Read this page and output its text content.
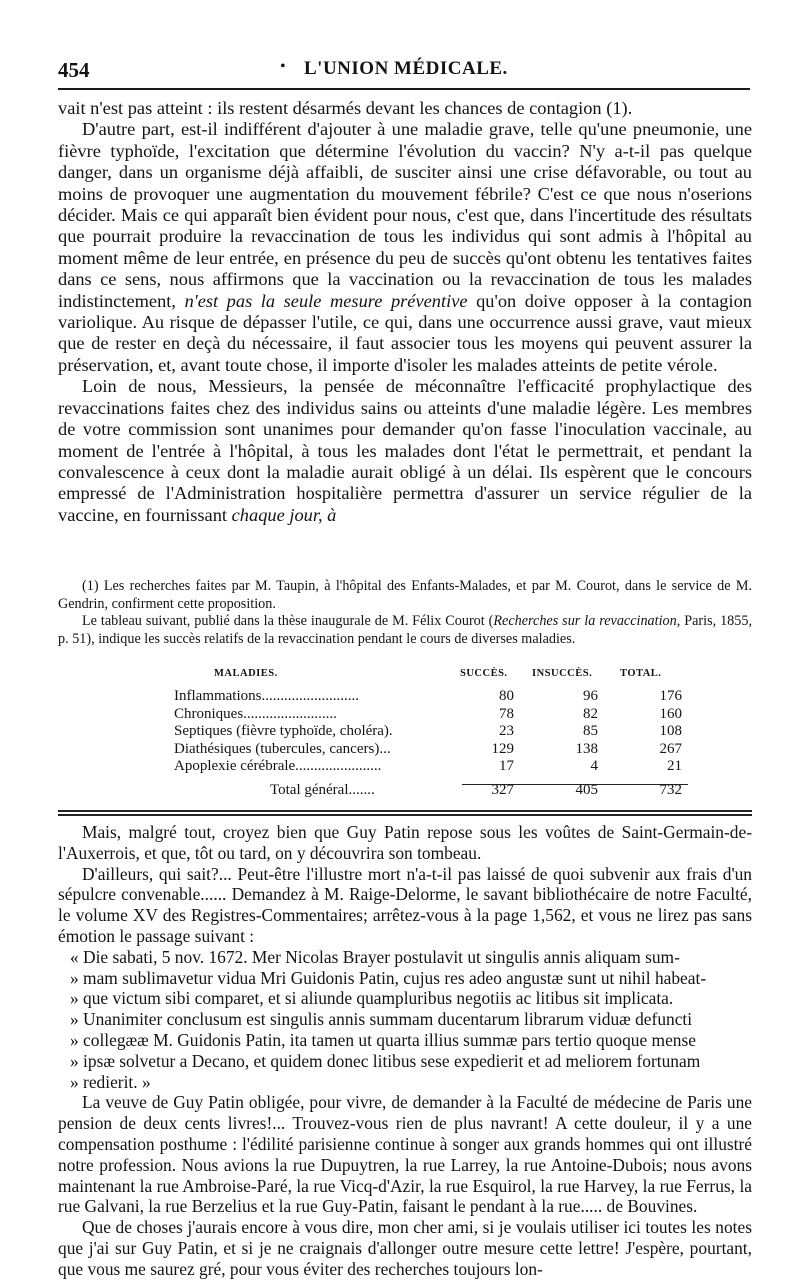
454	• L'UNION MÉDICALE.

vait n'est pas atteint : ils restent désarmés devant les chances de contagion (1).

D'autre part, est-il indifférent d'ajouter à une maladie grave, telle qu'une pneumonie, une fièvre typhoïde, l'excitation que détermine l'évolution du vaccin? N'y a-t-il pas quelque danger, dans un organisme déjà affaibli, de susciter ainsi une crise défavorable, ou tout au moins de provoquer une augmentation du mouvement fébrile? C'est ce que nous n'oserions décider. Mais ce qui apparaît bien évident pour nous, c'est que, dans l'incertitude des résultats que pourrait produire la revaccination de tous les individus qui sont admis à l'hôpital au moment même de leur entrée, en présence du peu de succès qu'ont obtenu les tentatives faites dans ce sens, nous affirmons que la vaccination ou la revaccination de tous les malades indistinctement, n'est pas la seule mesure préventive qu'on doive opposer à la contagion variolique. Au risque de dépasser l'utile, ce qui, dans une occurrence aussi grave, vaut mieux que de rester en deçà du nécessaire, il faut associer tous les moyens qui peuvent assurer la préservation, et, avant toute chose, il importe d'isoler les malades atteints de petite vérole.

Loin de nous, Messieurs, la pensée de méconnaître l'efficacité prophylactique des revaccinations faites chez des individus sains ou atteints d'une maladie légère. Les membres de votre commission sont unanimes pour demander qu'on fasse l'inoculation vaccinale, au moment de l'entrée à l'hôpital, à tous les malades dont l'état le permettrait, et pendant la convalescence à ceux dont la maladie aurait obligé à un délai. Ils espèrent que le concours empressé de l'Administration hospitalière permettra d'assurer un service régulier de la vaccine, en fournissant chaque jour, à

(1) Les recherches faites par M. Taupin, à l'hôpital des Enfants-Malades, et par M. Courot, dans le service de M. Gendrin, confirment cette proposition.

Le tableau suivant, publié dans la thèse inaugurale de M. Félix Courot (Recherches sur la revaccination, Paris, 1855, p. 51), indique les succès relatifs de la revaccination pendant le cours de diverses maladies.

MALADIES.	SUCCÈS. INSUCCÈS.	TOTAL.
Inflammations..........................	80	96	176
Chroniques.........................	78	82	160
Septiques (fièvre typhoïde, choléra).	23	85	108
Diathésiques (tubercules, cancers)...	129	138	267
Apoplexie cérébrale.......................	17	4	21
Total général.......	327	405	732

Mais, malgré tout, croyez bien que Guy Patin repose sous les voûtes de Saint-Germain-de-l'Auxerrois, et que, tôt ou tard, on y découvrira son tombeau.

D'ailleurs, qui sait?... Peut-être l'illustre mort n'a-t-il pas laissé de quoi subvenir aux frais d'un sépulcre convenable...... Demandez à M. Raige-Delorme, le savant bibliothécaire de notre Faculté, le volume XV des Registres-Commentaires; arrêtez-vous à la page 1,562, et vous ne lirez pas sans émotion le passage suivant :

« Die sabati, 5 nov. 1672. Mer Nicolas Brayer postulavit ut singulis annis aliquam sum-

» mam sublimavetur vidua Mri Guidonis Patin, cujus res adeo angustæ sunt ut nihil habeat-

» que victum sibi comparet, et si aliunde quampluribus negotiis ac litibus sit implicata.

» Unanimiter conclusum est singulis annis summam ducentarum librarum viduæ defuncti

» collegææ M. Guidonis Patin, ita tamen ut quarta illius summæ pars tertio quoque mense

» ipsæ solvetur a Decano, et quidem donec litibus sese expedierit et ad meliorem fortunam

» redierit. »

La veuve de Guy Patin obligée, pour vivre, de demander à la Faculté de médecine de Paris une pension de deux cents livres!... Trouvez-vous rien de plus navrant! A cette douleur, il y a une compensation posthume : l'édilité parisienne continue à songer aux grands hommes qui ont illustré notre profession. Nous avions la rue Dupuytren, la rue Larrey, la rue Antoine-Dubois; nous avons maintenant la rue Ambroise-Paré, la rue Vicq-d'Azir, la rue Esquirol, la rue Harvey, la rue Ferrus, la rue Galvani, la rue Berzelius et la rue Guy-Patin, faisant le pendant à la rue..... de Bouvines.

Que de choses j'aurais encore à vous dire, mon cher ami, si je voulais utiliser ici toutes les notes que j'ai sur Guy Patin, et si je ne craignais d'allonger outre mesure cette lettre! J'espère, pourtant, que vous me saurez gré, pour vous éviter des recherches toujours lon-
